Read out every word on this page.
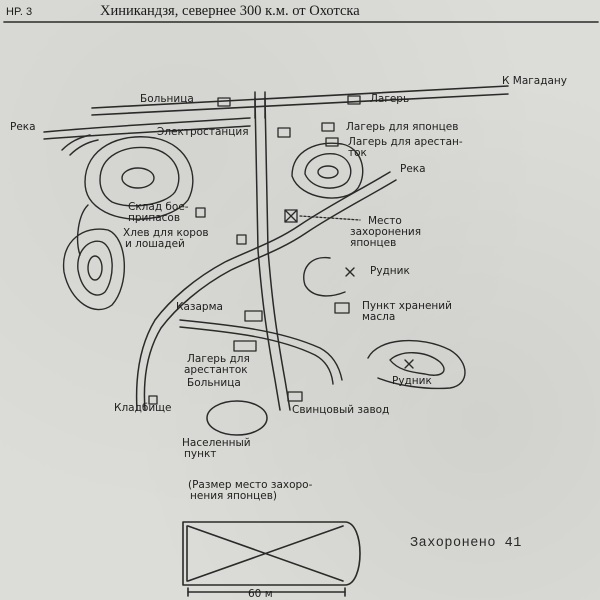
HP. 3	Хиникандзя, севернее 300 к.м. от Охотска
К Магадану
Река
Река
Больница	Лагерь
Электростанция	Лагерь для японцев
Лагерь для арестан-
ток
Склад бое-
припасов
Хлев для коров
и лошадей
Место
захоронения
японцев
Рудник
Пункт хранений
масла
Казарма
Лагерь для
арестанток
Больница	Рудник
Кладбище	Свинцовый завод
Населенный
пункт
(Размер место захоро-
нения японцев)
60 м
Захоронено 41
